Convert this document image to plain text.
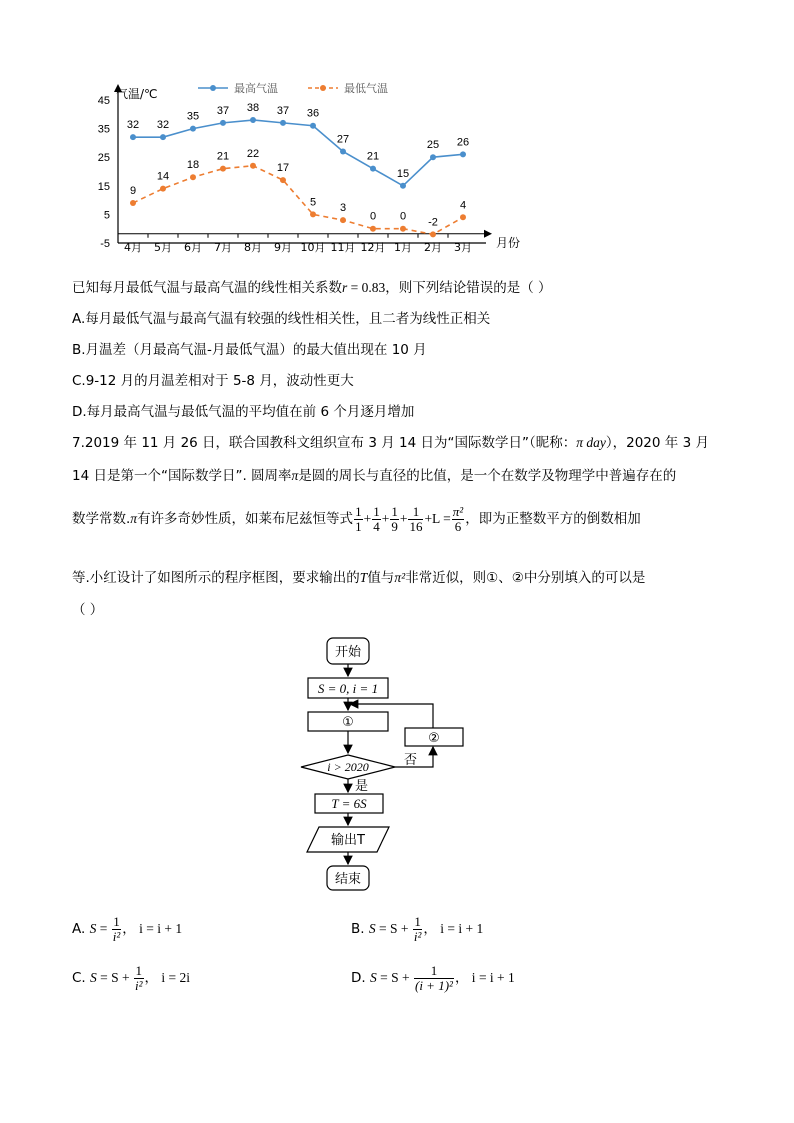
45
35
25
15
5
-5 4月 5月 6月 7月 8月 9月 10月 11月 12月 1月 2月 3月
气温/℃
月份
最高气温	最低气温
32 32
35 37 38 37 36
27
21
15
25 26
9
14
18
21 22
17
5 3
0 0 -2
4
已知每月最低气温与最高气温的线性相关系数r = 0.83，则下列结论错误的是（ ）
A.每月最低气温与最高气温有较强的线性相关性，且二者为线性正相关
B.月温差（月最高气温-月最低气温）的最大值出现在 10 月
C.9-12 月的月温差相对于 5-8 月，波动性更大
D.每月最高气温与最低气温的平均值在前 6 个月逐月增加
7.2019 年 11 月 26 日，联合国教科文组织宣布 3 月 14 日为“国际数学日”（昵称：π day），2020 年 3 月
14 日是第一个“国际数学日”. 圆周率π是圆的周长与直径的比值，是一个在数学及物理学中普遍存在的
数学常数.π有许多奇妙性质，如莱布尼兹恒等式 $\frac{1}{1} + \frac{1}{4} + \frac{1}{9} + \frac{1}{16} +L = \frac{\text{π²}}{6}$ ，即为正整数平方的倒数相加
等.小红设计了如图所示的程序框图，要求输出的T值与π²非常近似，则①、②中分别填入的可以是
（ ）
开始
S = 0, i = 1
①
②
i > 2020	否
是
T = 6S
输出T
结束
A. $S = \frac{1}{\text{i²}}$ ， i = i + 1	B. $S = S + \frac{1}{\text{i²}}$ ， i = i + 1
C. $S = S + \frac{1}{\text{i²}}$ ， i = 2i	D. $S = S + \frac{1}{\text{(i + 1)²}}$ ， i = i + 1
